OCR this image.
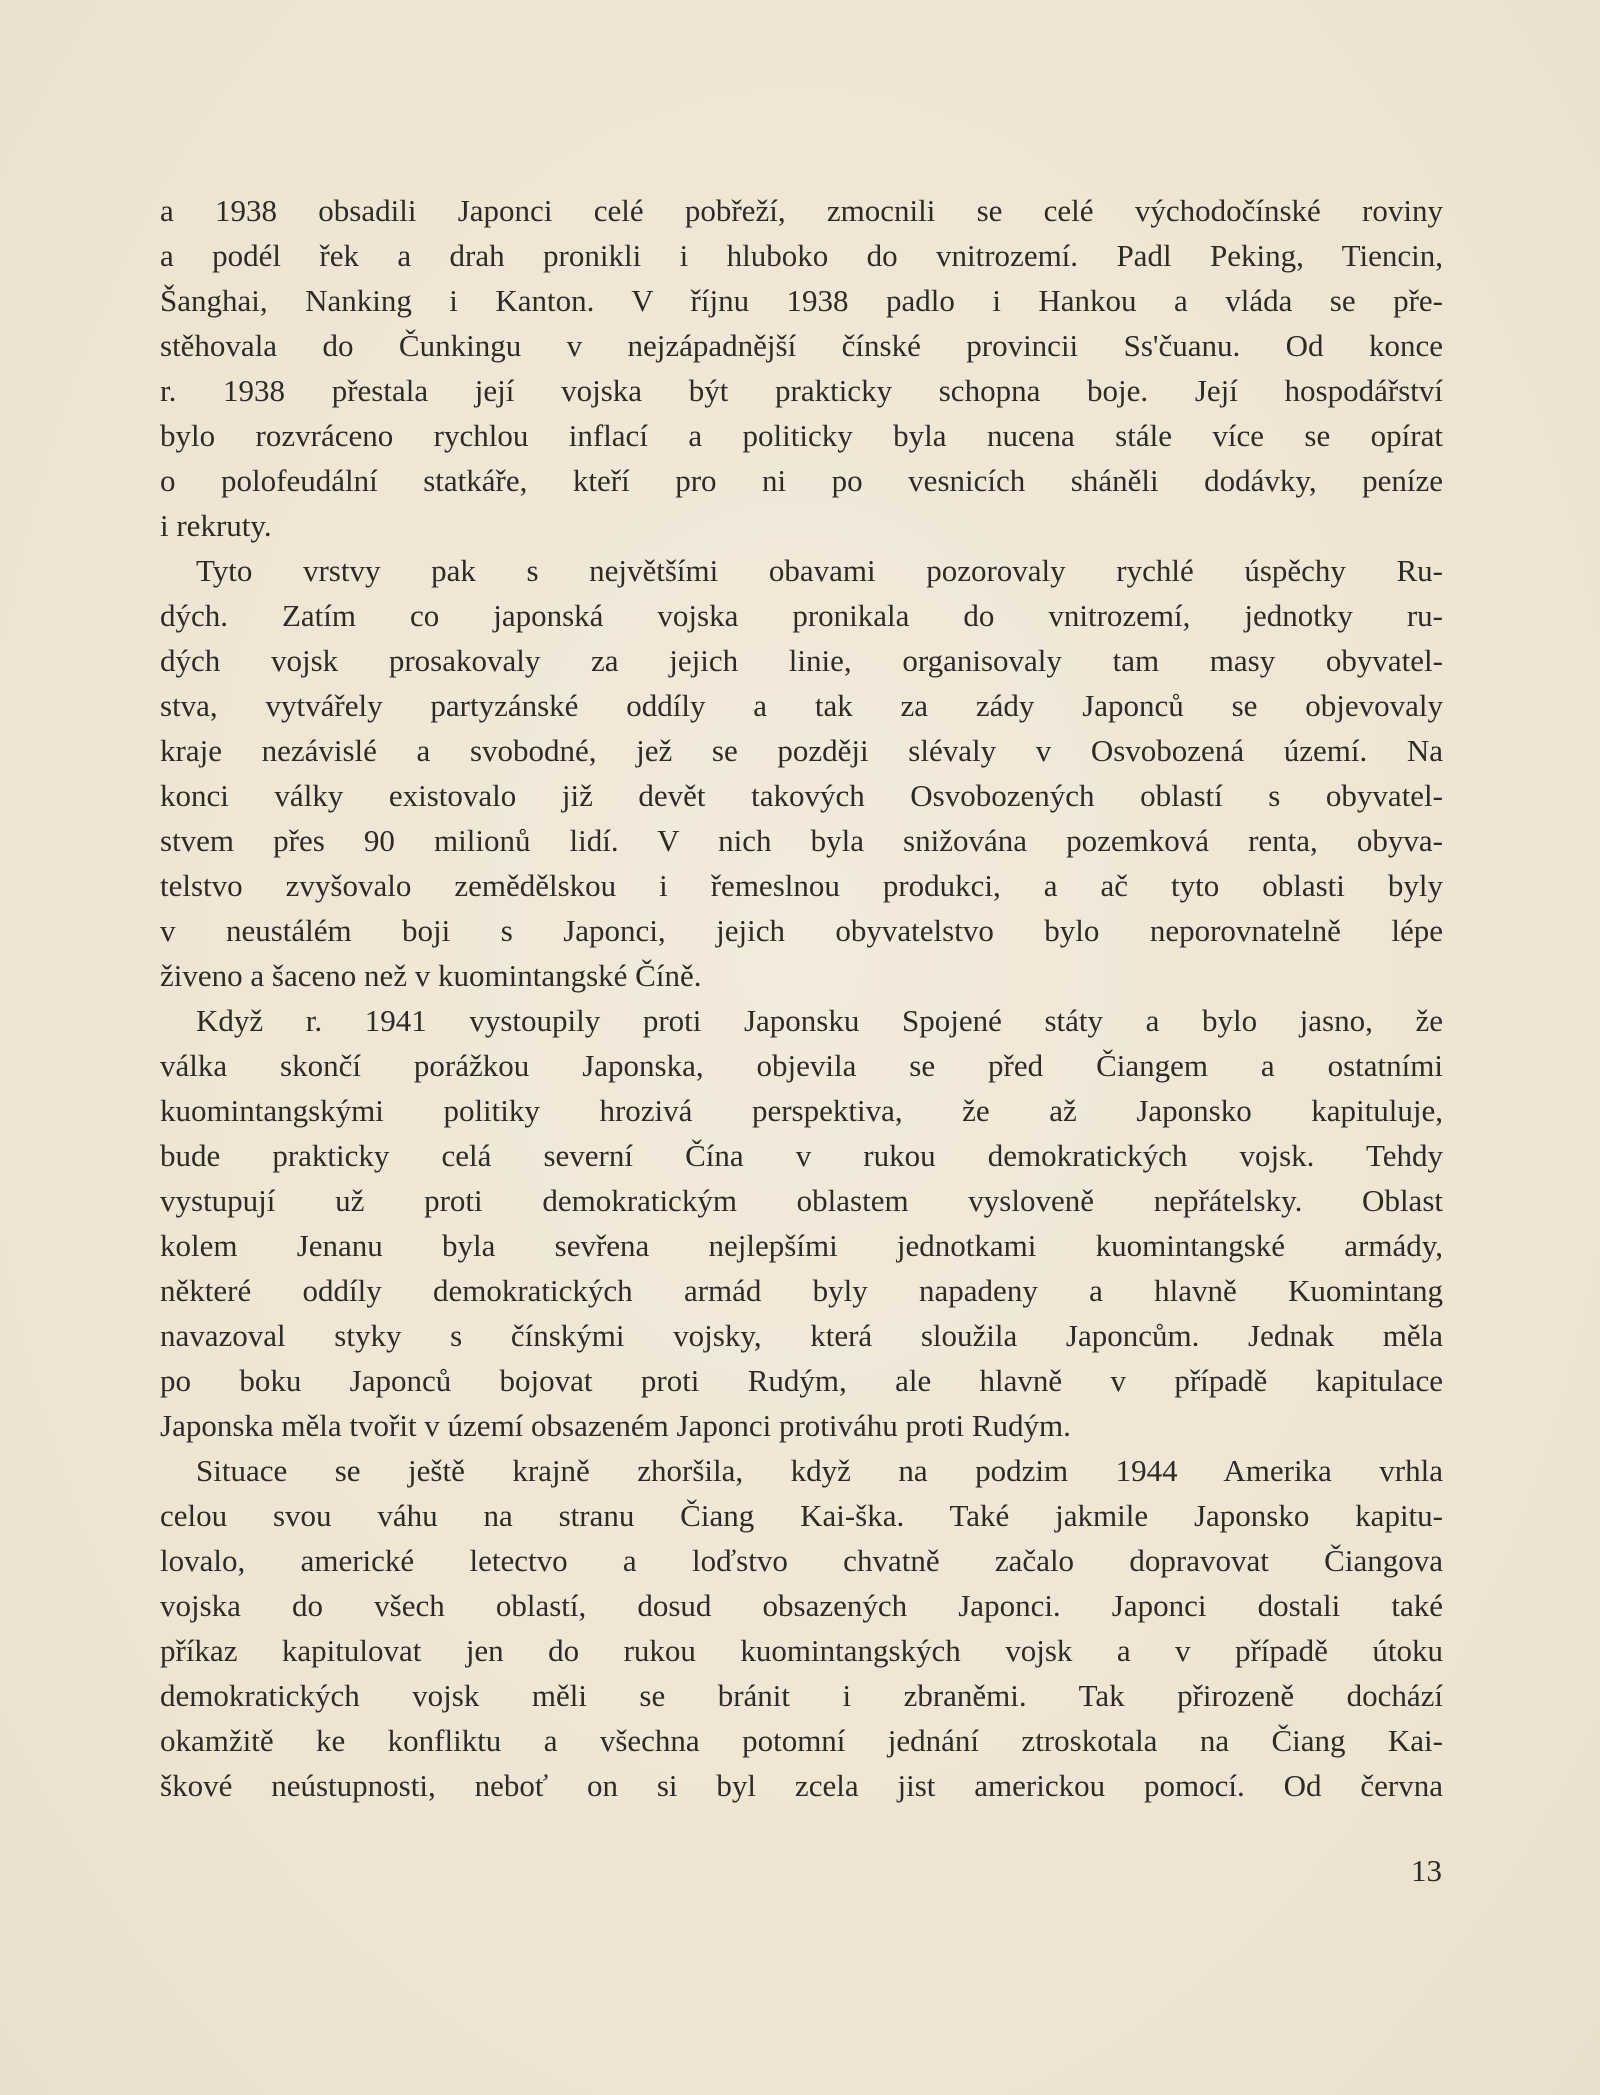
a 1938 obsadili Japonci celé pobřeží, zmocnili se celé východočínské roviny
a podél řek a drah pronikli i hluboko do vnitrozemí. Padl Peking, Tiencin,
Šanghai, Nanking i Kanton. V říjnu 1938 padlo i Hankou a vláda se pře-
stěhovala do Čunkingu v nejzápadnější čínské provincii Ss'čuanu. Od konce
r. 1938 přestala její vojska být prakticky schopna boje. Její hospodářství
bylo rozvráceno rychlou inflací a politicky byla nucena stále více se opírat
o polofeudální statkáře, kteří pro ni po vesnicích sháněli dodávky, peníze
i rekruty.
Tyto vrstvy pak s největšími obavami pozorovaly rychlé úspěchy Ru-
dých. Zatím co japonská vojska pronikala do vnitrozemí, jednotky ru-
dých vojsk prosakovaly za jejich linie, organisovaly tam masy obyvatel-
stva, vytvářely partyzánské oddíly a tak za zády Japonců se objevovaly
kraje nezávislé a svobodné, jež se později slévaly v Osvobozená území. Na
konci války existovalo již devět takových Osvobozených oblastí s obyvatel-
stvem přes 90 milionů lidí. V nich byla snižována pozemková renta, obyva-
telstvo zvyšovalo zemědělskou i řemeslnou produkci, a ač tyto oblasti byly
v neustálém boji s Japonci, jejich obyvatelstvo bylo neporovnatelně lépe
živeno a šaceno než v kuomintangské Číně.
Když r. 1941 vystoupily proti Japonsku Spojené státy a bylo jasno, že
válka skončí porážkou Japonska, objevila se před Čiangem a ostatními
kuomintangskými politiky hrozivá perspektiva, že až Japonsko kapituluje,
bude prakticky celá severní Čína v rukou demokratických vojsk. Tehdy
vystupují už proti demokratickým oblastem vysloveně nepřátelsky. Oblast
kolem Jenanu byla sevřena nejlepšími jednotkami kuomintangské armády,
některé oddíly demokratických armád byly napadeny a hlavně Kuomintang
navazoval styky s čínskými vojsky, která sloužila Japoncům. Jednak měla
po boku Japonců bojovat proti Rudým, ale hlavně v případě kapitulace
Japonska měla tvořit v území obsazeném Japonci protiváhu proti Rudým.
Situace se ještě krajně zhoršila, když na podzim 1944 Amerika vrhla
celou svou váhu na stranu Čiang Kai-ška. Také jakmile Japonsko kapitu-
lovalo, americké letectvo a loďstvo chvatně začalo dopravovat Čiangova
vojska do všech oblastí, dosud obsazených Japonci. Japonci dostali také
příkaz kapitulovat jen do rukou kuomintangských vojsk a v případě útoku
demokratických vojsk měli se bránit i zbraněmi. Tak přirozeně dochází
okamžitě ke konfliktu a všechna potomní jednání ztroskotala na Čiang Kai-
škové neústupnosti, neboť on si byl zcela jist americkou pomocí. Od června
13
